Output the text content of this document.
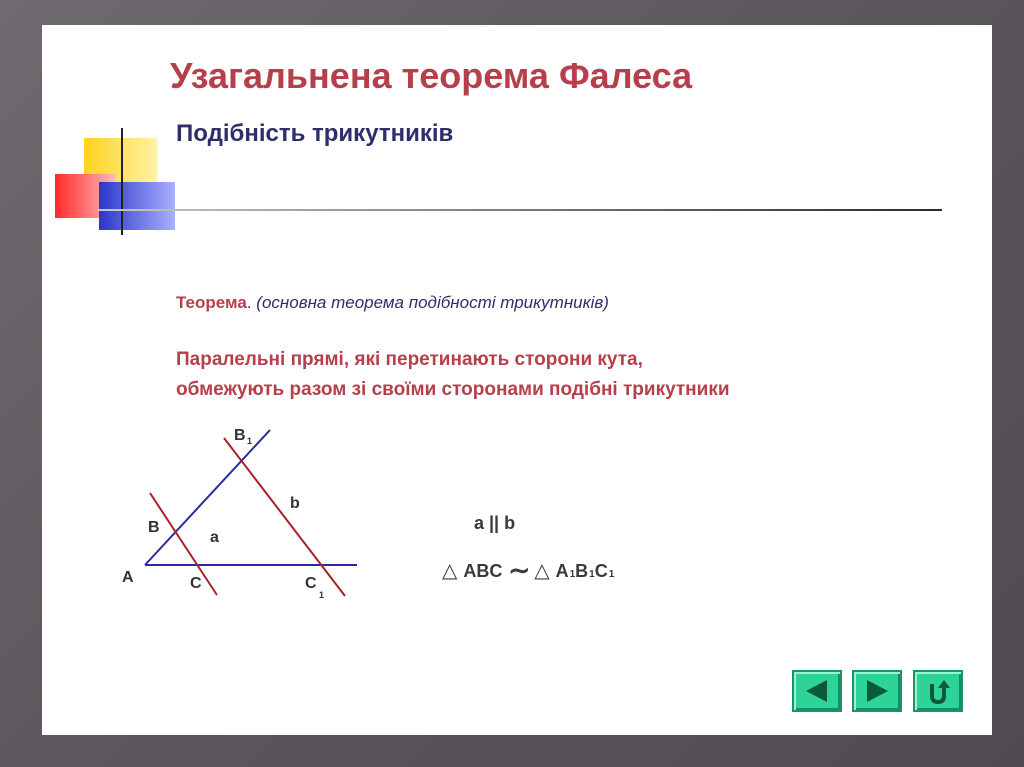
Узагальнена теорема Фалеса
Подібність трикутників
Теорема. (основна теорема подібності трикутників)
Паралельні прямі, які перетинають сторони кута,
обмежують разом зі своїми сторонами подібні трикутники
A
B
C
B 1
C
1
a
b
a || b
△ ABC ∼ △ A 1 B 1 C 1
